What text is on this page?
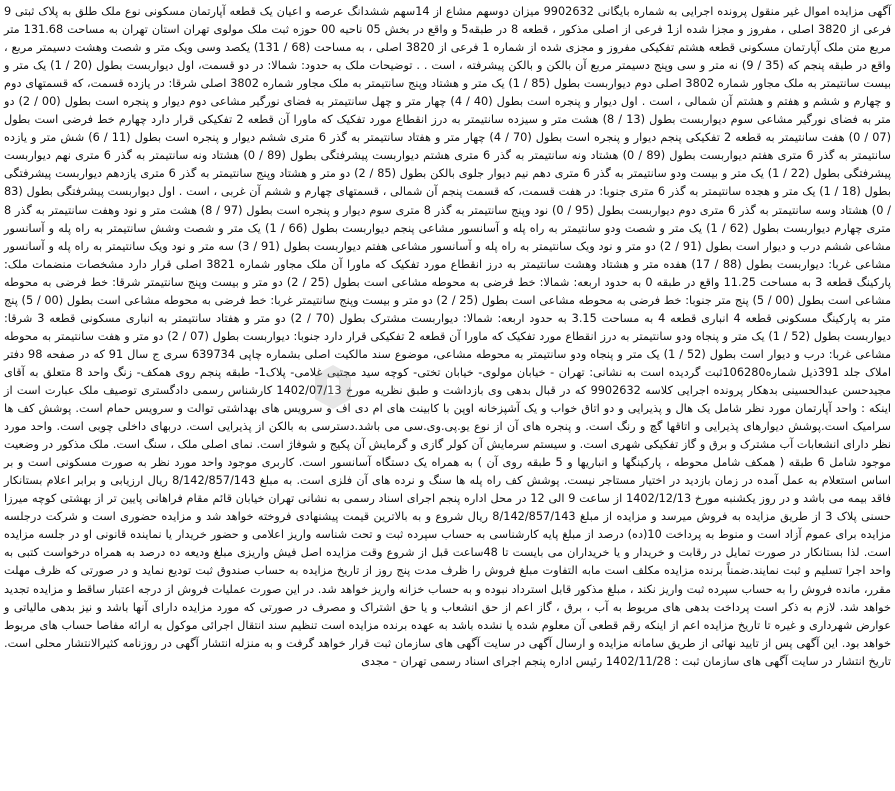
آگهی مزایده اموال غیر منقول پرونده اجرایی به شماره بایگانی 9902632 میزان دوسهم مشاع از 14سهم ششدانگ عرصه و اعیان یک قطعه آپارتمان مسکونی نوع ملک طلق به پلاک ثبتی 9 فرعی از 3820 اصلی ، مفروز و مجزا شده از1 فرعی از اصلی مذکور ، قطعه 8 در طبقه5 و واقع در بخش 05 ناحیه 00 حوزه ثبت ملک مولوی تهران استان تهران به مساحت 131.68 متر مربع متن ملک آپارتمان مسکونی قطعه هشتم تفکیکی مفروز و مجزی شده از شماره 1 فرعی از 3820 اصلی ، به مساحت (68 / 131) یکصد وسی ویک متر و شصت وهشت دسیمتر مربع ، واقع در طبقه پنجم که (35 / 9) نه متر و سی وپنج دسیمتر مربع آن بالکن و بالکن پیشرفته ، است . . توضیحات ملک به حدود: شمالا: در دو قسمت، اول دیواربست بطول (20 / 1) یک متر و بیست سانتیمتر به ملک مجاور شماره 3802 اصلی دوم دیواربست بطول (85 / 1) یک متر و هشتاد وپنج سانتیمتر به ملک مجاور شماره 3802 اصلی شرقا: در یازده قسمت، که قسمتهای دوم و چهارم و ششم و هفتم و هشتم آن شمالی ، است . اول دیوار و پنجره است بطول (40 / 4) چهار متر و چهل سانتیمتر به فضای نورگیر مشاعی دوم دیوار و پنجره است بطول (00 / 2) دو متر به فضای نورگیر مشاعی سوم دیواربست بطول (13 / 8) هشت متر و سیزده سانتیمتر به درز انقطاع مورد تفکیک که ماورا آن قطعه 2 تفکیکی قرار دارد چهارم خط فرضی است بطول (07 / 0) هفت سانتیمتر به قطعه 2 تفکیکی پنجم دیوار و پنجره است بطول (70 / 4) چهار متر و هفتاد سانتیمتر به گذر 6 متری ششم دیوار و پنجره است بطول (11 / 6) شش متر و یازده سانتیمتر به گذر 6 متری هفتم دیواربست بطول (89 / 0) هشتاد ونه سانتیمتر به گذر 6 متری هشتم دیواربست پیشرفتگی بطول (89 / 0) هشتاد ونه سانتیمتر به گذر 6 متری نهم دیواربست پیشرفتگی بطول (22 / 1) یک متر و بیست ودو سانتیمتر به گذر 6 متری دهم نیم دیوار جلوی بالکن بطول (85 / 2) دو متر و هشتاد وپنج سانتیمتر به گذر 6 متری یازدهم دیواربست پیشرفتگی بطول (18 / 1) یک متر و هجده سانتیمتر به گذر 6 متری جنوبا: در هفت قسمت، که قسمت پنجم آن شمالی ، قسمتهای چهارم و ششم آن غربی ، است . اول دیواربست پیشرفتگی بطول (83 / 0) هشتاد وسه سانتیمتر به گذر 6 متری دوم دیواربست بطول (95 / 0) نود وپنج سانتیمتر به گذر 8 متری سوم دیوار و پنجره است بطول (97 / 8) هشت متر و نود وهفت سانتیمتر به گذر 8 متری چهارم دیواربست بطول (62 / 1) یک متر و شصت ودو سانتیمتر به راه پله و آسانسور مشاعی پنجم دیواربست بطول (66 / 1) یک متر و شصت وشش سانتیمتر به راه پله و آسانسور مشاعی ششم درب و دیوار است بطول (91 / 2) دو متر و نود ویک سانتیمتر به راه پله و آسانسور مشاعی هفتم دیواربست بطول (91 / 3) سه متر و نود ویک سانتیمتر به راه پله و آسانسور مشاعی غربا: دیواربست بطول (88 / 17) هفده متر و هشتاد وهشت سانتیمتر به درز انقطاع مورد تفکیک که ماورا آن ملک مجاور شماره 3821 اصلی قرار دارد مشخصات منضمات ملک: پارکینگ قطعه 3 به مساحت 11.25 واقع در طبقه 0 به حدود اربعه: شمالا: خط فرضی به محوطه مشاعی است بطول (25 / 2) دو متر و بیست وپنج سانتیمتر شرقا: خط فرضی به محوطه مشاعی است بطول (00 / 5) پنج متر جنوبا: خط فرضی به محوطه مشاعی است بطول (25 / 2) دو متر و بیست وپنج سانتیمتر غربا: خط فرضی به محوطه مشاعی است بطول (00 / 5) پنج متر به پارکینگ مسکونی قطعه 4 انباری قطعه 4 به مساحت 3.15 به حدود اربعه: شمالا: دیواربست مشترک بطول (70 / 2) دو متر و هفتاد سانتیمتر به انباری مسکونی قطعه 3 شرقا: دیواربست بطول (52 / 1) یک متر و پنجاه ودو سانتیمتر به درز انقطاع مورد تفکیک که ماورا آن قطعه 2 تفکیکی قرار دارد جنوبا: دیواربست بطول (07 / 2) دو متر و هفت سانتیمتر به محوطه مشاعی غربا: درب و دیوار است بطول (52 / 1) یک متر و پنجاه ودو سانتیمتر به محوطه مشاعی، موضوع سند مالکیت اصلی بشماره چاپی 639734 سری ج سال 91 که در صفحه 98 دفتر املاک جلد 391ذیل شماره106280ثبت گردیده است به نشانی: تهران - خیابان مولوی- خیابان تختی- کوچه سید مجتبی غلامی- پلاک1- طبقه پنجم روی همکف- زنگ واحد 8 متعلق به آقای مجیدحسن عبدالحسینی بدهکار پرونده اجرایی کلاسه 9902632 که در قبال بدهی وی بازداشت و طبق نظریه مورخ 1402/07/13 کارشناس رسمی دادگستری توصیف ملک عبارت است از اینکه : واحد آپارتمان مورد نظر شامل یک هال و پذیرایی و دو اتاق خواب و یک آشپزخانه اوپن با کابینت های ام دی اف و سرویس های بهداشتی توالت و سرویس حمام است. پوشش کف ها سرامیک است.پوشش دیوارهای پذیرایی و اتاقها گچ و رنگ است. و پنجره های آن از نوع یو.پی.وی.سی می باشد.دسترسی به بالکن از پذیرایی است. دربهای داخلی چوبی است. واحد مورد نظر دارای انشعابات آب مشترک و برق و گاز تفکیکی شهری است. و سیستم سرمایش آن کولر گازی و گرمایش آن پکیج و شوفاژ است. نمای اصلی ملک ، سنگ است. ملک مذکور در وضعیت موجود شامل 6 طبقه ( همکف شامل محوطه ، پارکینگها و انباریها و 5 طبقه روی آن ) به همراه یک دستگاه آسانسور است. کاربری موجود واحد مورد نظر به صورت مسکونی است و بر اساس استعلام به عمل آمده در زمان بازدید در اختیار مستاجر نیست. پوشش کف راه پله ها سنگ و نرده های آن فلزی است. به مبلغ 8/142/857/143 ریال ارزیابی و برابر اعلام بستانکار فاقد بیمه می باشد و در روز یکشنبه مورخ 1402/12/13 از ساعت 9 الی 12 در محل اداره پنجم اجرای اسناد رسمی به نشانی تهران خیابان قائم مقام فراهانی پایین تر از بهشتی کوچه میرزا حسنی پلاک 3 از طریق مزایده به فروش میرسد و مزایده از مبلغ 8/142/857/143 ریال شروع و به بالاترین قیمت پیشنهادی فروخته خواهد شد و مزایده حضوری است و شرکت درجلسه مزایده برای عموم آزاد است و منوط به پرداخت 10(ده) درصد از مبلغ پایه کارشناسی به حساب سپرده ثبت و تحت شناسه واریز اعلامی و حضور خریدار یا نماینده قانونی او در جلسه مزایده است. لذا بستانکار در صورت تمایل در رقابت و خریدار و یا خریداران می بایست تا 48ساعت قبل از شروع وقت مزایده اصل فیش واریزی مبلغ ودیعه ده درصد به همراه درخواست کتبی به واحد اجرا تسلیم و ثبت نمایند.ضمناً برنده مزایده مکلف است مابه التفاوت مبلغ فروش را ظرف مدت پنج روز از تاریخ مزایده به حساب صندوق ثبت تودیع نماید و در صورتی که ظرف مهلت مقرر، مانده فروش را به حساب سپرده ثبت واریز نکند ، مبلغ مذکور قابل استرداد نبوده و به حساب خزانه واریز خواهد شد. در این صورت عملیات فروش از درجه اعتبار ساقط و مزایده تجدید خواهد شد. لازم به ذکر است پرداخت بدهی های مربوط به آب ، برق ، گاز اعم از حق انشعاب و یا حق اشتراک و مصرف در صورتی که مورد مزایده دارای آنها باشد و نیز بدهی مالیاتی و عوارض شهرداری و غیره تا تاریخ مزایده اعم از اینکه رقم قطعی آن معلوم شده یا نشده باشد به عهده برنده مزایده است تنظیم سند انتقال اجرائی موکول به ارائه مفاصا حساب های مربوط خواهد بود. این آگهی پس از تایید نهائی از طریق سامانه مزایده و ارسال آگهی در سایت آگهی های سازمان ثبت قرار خواهد گرفت و به منزله انتشار آگهی در روزنامه کثیرالانتشار محلی است. تاریخ انتشار در سایت آگهی های سازمان ثبت : 1402/11/28 رئیس اداره پنجم اجرای اسناد رسمی تهران - مجدی
